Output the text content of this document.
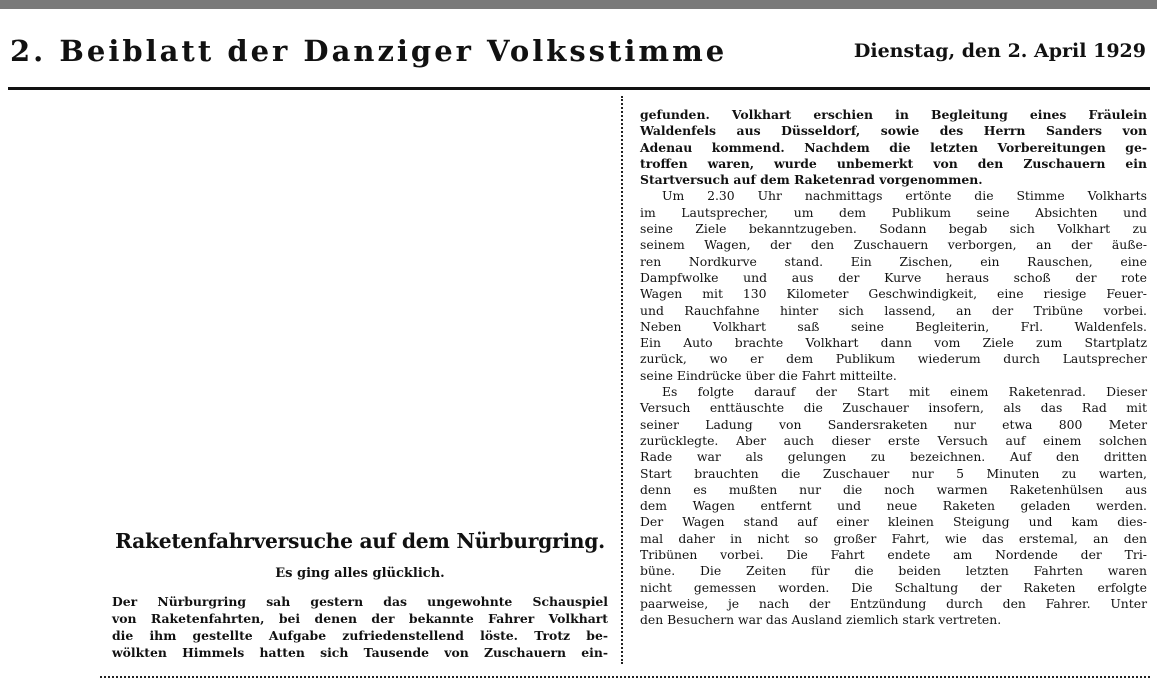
2. Beiblatt der Danziger Volksstimme	Dienstag, den 2. April 1929
Raketenfahrversuche auf dem Nürburgring.
Es ging alles glücklich.

Der Nürburgring sah gestern das ungewohnte Schauspiel
von Raketenfahrten, bei denen der bekannte Fahrer Volkhart
die ihm gestellte Aufgabe zufriedenstellend löste. Trotz be-
wölkten Himmels hatten sich Tausende von Zuschauern ein-

gefunden. Volkhart erschien in Begleitung eines Fräulein
Waldenfels aus Düsseldorf, sowie des Herrn Sanders von
Adenau kommend. Nachdem die letzten Vorbereitungen ge-
troffen waren, wurde unbemerkt von den Zuschauern ein
Startversuch auf dem Raketenrad vorgenommen.

Um 2.30 Uhr nachmittags ertönte die Stimme Volkharts
im Lautsprecher, um dem Publikum seine Absichten und
seine Ziele bekanntzugeben. Sodann begab sich Volkhart zu
seinem Wagen, der den Zuschauern verborgen, an der äuße-
ren Nordkurve stand. Ein Zischen, ein Rauschen, eine
Dampfwolke und aus der Kurve heraus schoß der rote
Wagen mit 130 Kilometer Geschwindigkeit, eine riesige Feuer-
und Rauchfahne hinter sich lassend, an der Tribüne vorbei.
Neben Volkhart saß seine Begleiterin, Frl. Waldenfels.
Ein Auto brachte Volkhart dann vom Ziele zum Startplatz
zurück, wo er dem Publikum wiederum durch Lautsprecher
seine Eindrücke über die Fahrt mitteilte.

Es folgte darauf der Start mit einem Raketenrad. Dieser
Versuch enttäuschte die Zuschauer insofern, als das Rad mit
seiner Ladung von Sandersraketen nur etwa 800 Meter
zurücklegte. Aber auch dieser erste Versuch auf einem solchen
Rade war als gelungen zu bezeichnen. Auf den dritten
Start brauchten die Zuschauer nur 5 Minuten zu warten,
denn es mußten nur die noch warmen Raketenhülsen aus
dem Wagen entfernt und neue Raketen geladen werden.
Der Wagen stand auf einer kleinen Steigung und kam dies-
mal daher in nicht so großer Fahrt, wie das erstemal, an den
Tribünen vorbei. Die Fahrt endete am Nordende der Tri-
büne. Die Zeiten für die beiden letzten Fahrten waren
nicht gemessen worden. Die Schaltung der Raketen erfolgte
paarweise, je nach der Entzündung durch den Fahrer. Unter
den Besuchern war das Ausland ziemlich stark vertreten.
